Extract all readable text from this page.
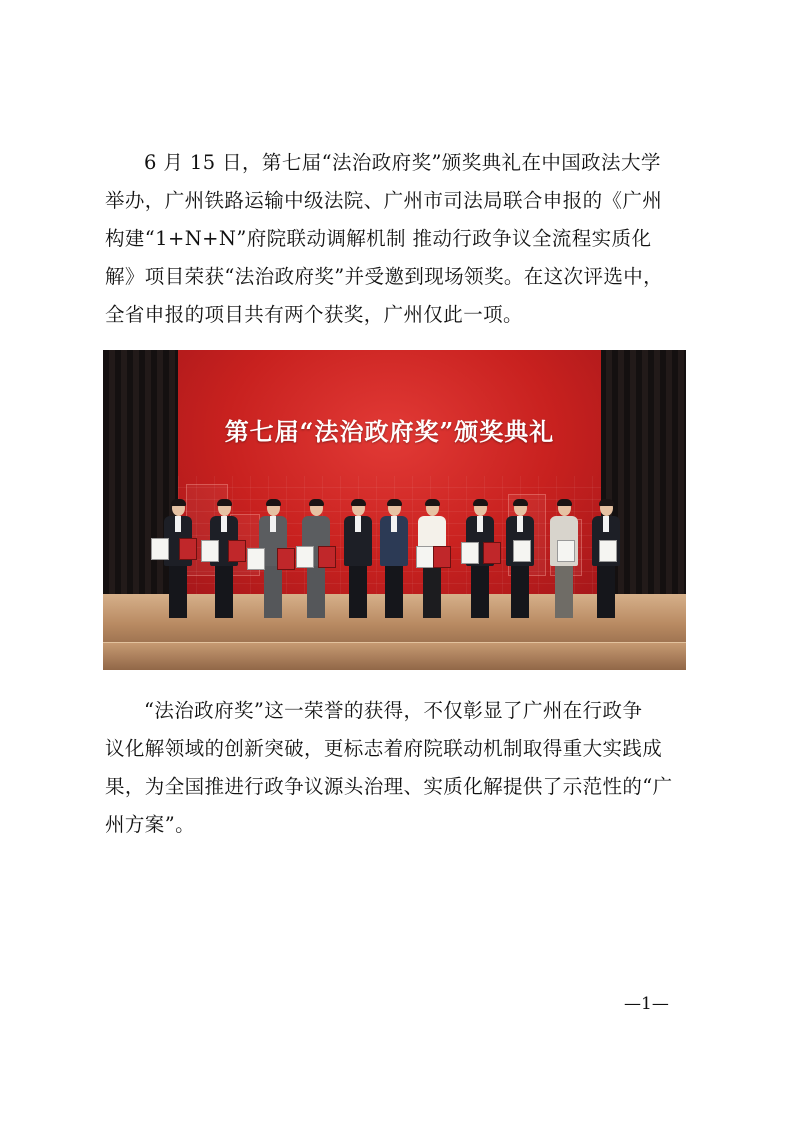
6 月 15 日，第七届“法治政府奖”颁奖典礼在中国政法大学
举办，广州铁路运输中级法院、广州市司法局联合申报的《广州
构建“1+N+N”府院联动调解机制 推动行政争议全流程实质化
解》项目荣获“法治政府奖”并受邀到现场领奖。在这次评选中，
全省申报的项目共有两个获奖，广州仅此一项。

第七届“法治政府奖”颁奖典礼

“法治政府奖”这一荣誉的获得，不仅彰显了广州在行政争
议化解领域的创新突破，更标志着府院联动机制取得重大实践成
果，为全国推进行政争议源头治理、实质化解提供了示范性的“广
州方案”。

—1—
